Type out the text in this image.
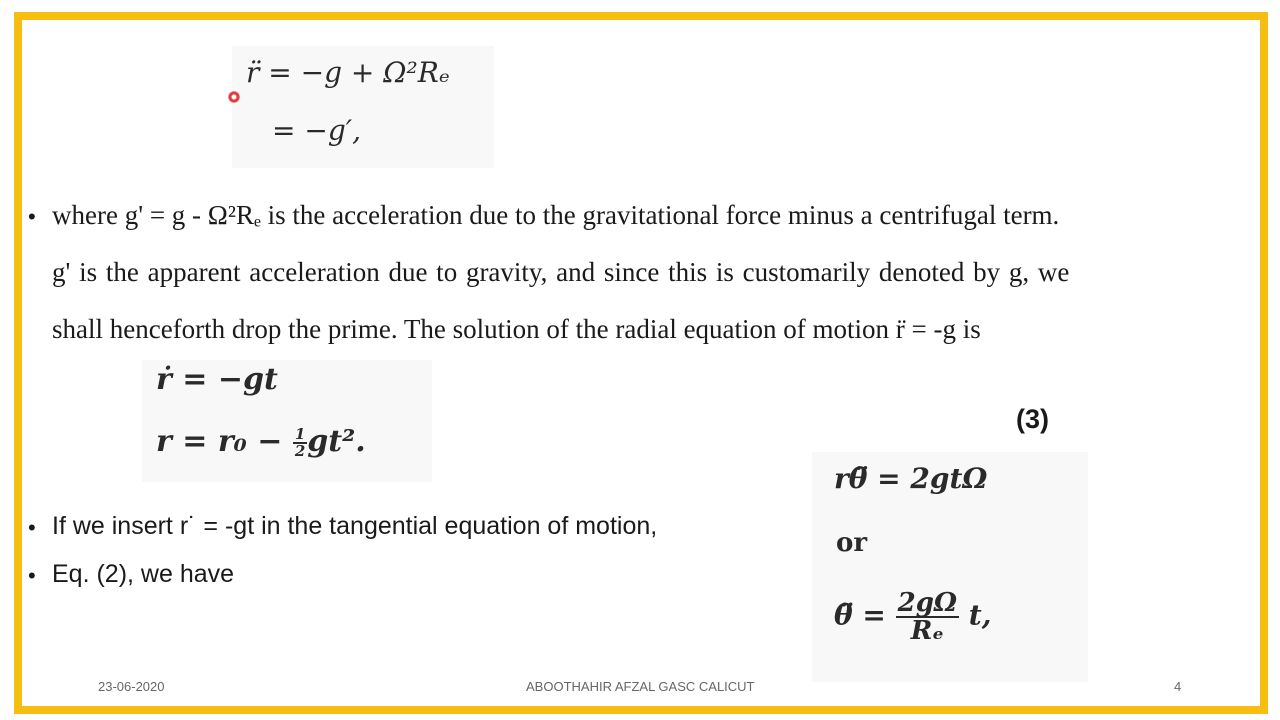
r̈ = −g + Ω²Rₑ
= −g′,
• where g' = g - Ω²Rₑ is the acceleration due to the gravitational force minus a centrifugal term.
g' is the apparent acceleration due to gravity, and since this is customarily denoted by g, we
shall henceforth drop the prime. The solution of the radial equation of motion r̈ = -g is
ṙ = −gt
$r = r_0 - \frac{1}{2} gt^2$.
(3)
rθ̈ = 2gtΩ
or
θ̈ = $\frac{2g\Omega}{\text{Rₑ}} t$,
• If we insert r˙ = -gt in the tangential equation of motion,
• Eq. (2), we have
23-06-2020	ABOOTHAHIR AFZAL GASC CALICUT	4
